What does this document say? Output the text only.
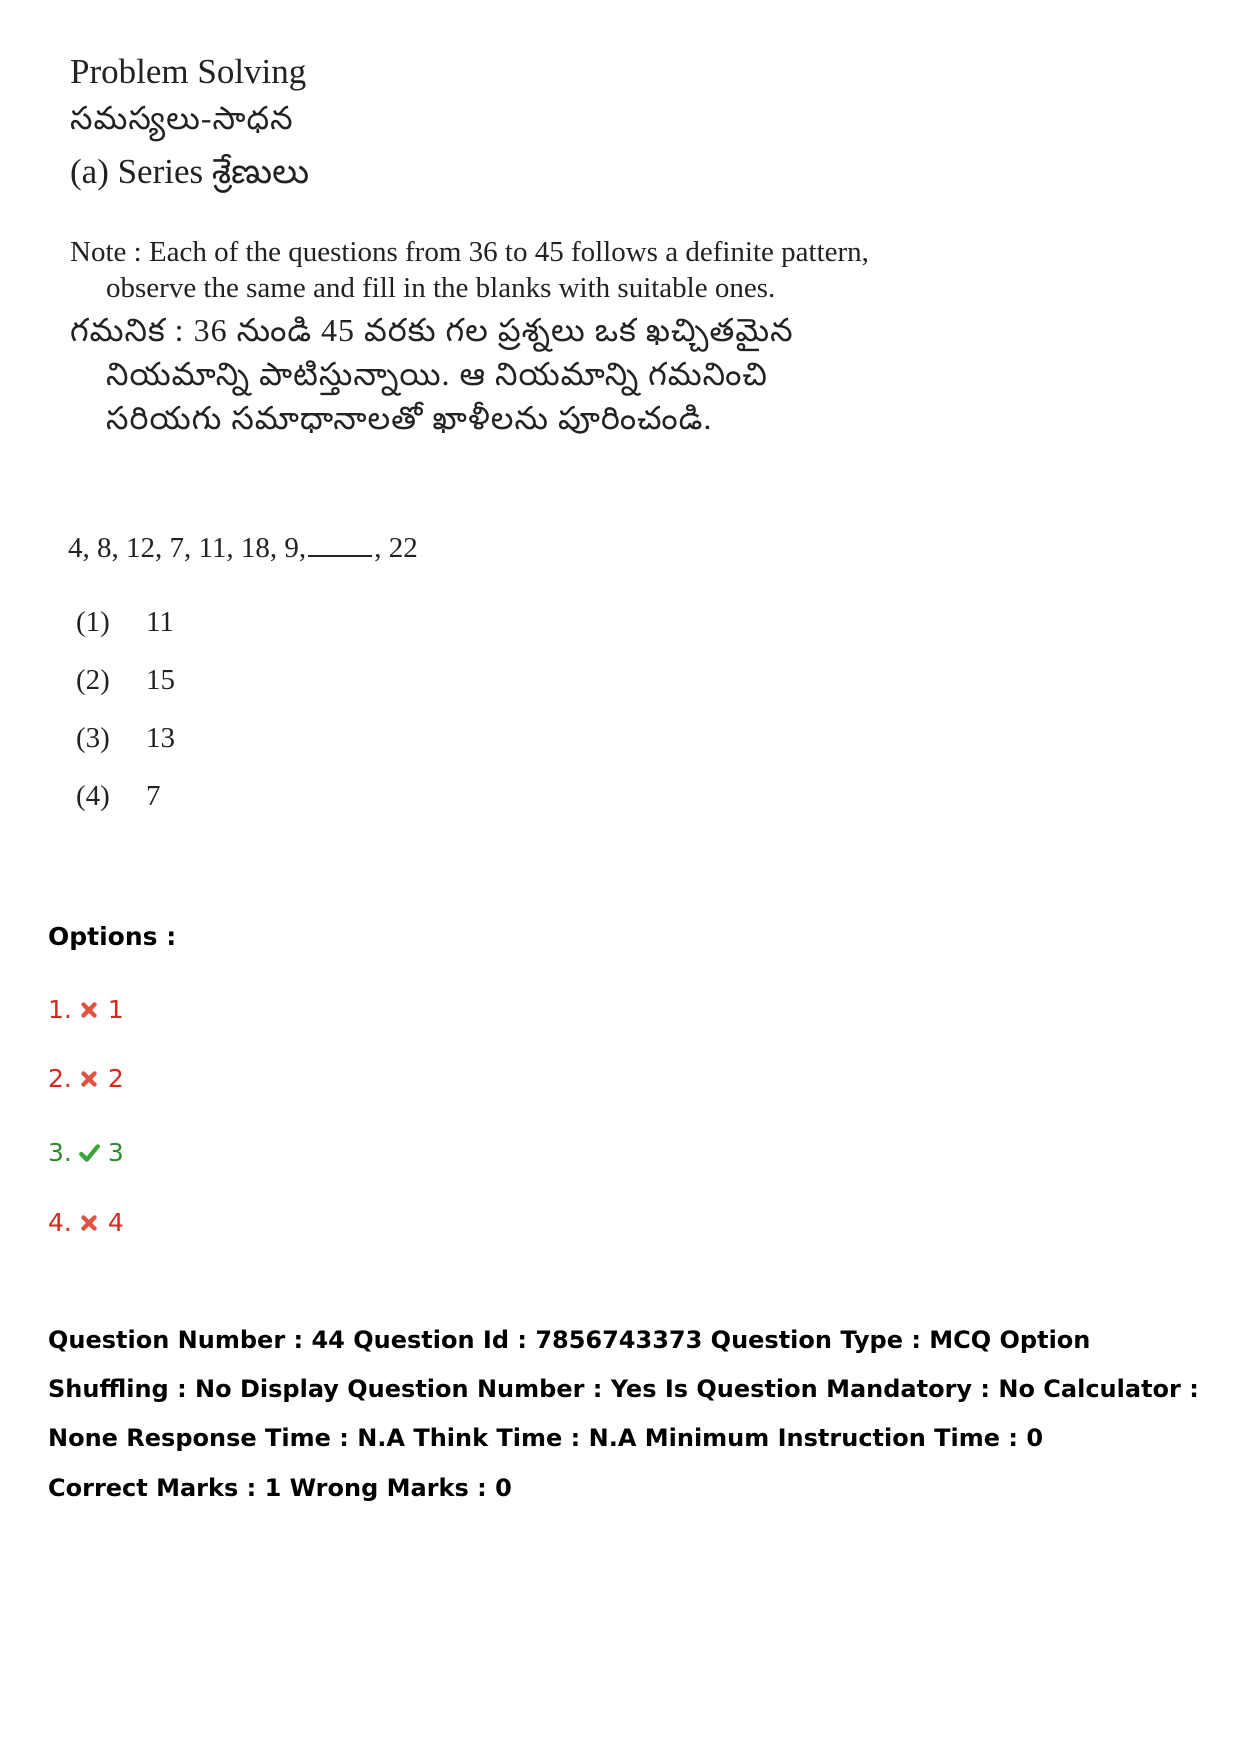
Problem Solving
సమస్యలు-సాధన
(a) Series శ్రేణులు
Note : Each of the questions from 36 to 45 follows a definite pattern,
observe the same and fill in the blanks with suitable ones.
గమనిక : 36 నుండి 45 వరకు గల ప్రశ్నలు ఒక ఖచ్చితమైన
నియమాన్ని పాటిస్తున్నాయి. ఆ నియమాన్ని గమనించి
సరియగు సమాధానాలతో ఖాళీలను పూరించండి.
4, 8, 12, 7, 11, 18, 9, , 22
(1) 11
(2) 15
(3) 13
(4) 7
Options :
1. 1
2. 2
3. 3
4. 4
Question Number : 44 Question Id : 7856743373 Question Type : MCQ Option Shuffling : No Display Question Number : Yes Is Question Mandatory : No Calculator : None Response Time : N.A Think Time : N.A Minimum Instruction Time : 0
Correct Marks : 1 Wrong Marks : 0
